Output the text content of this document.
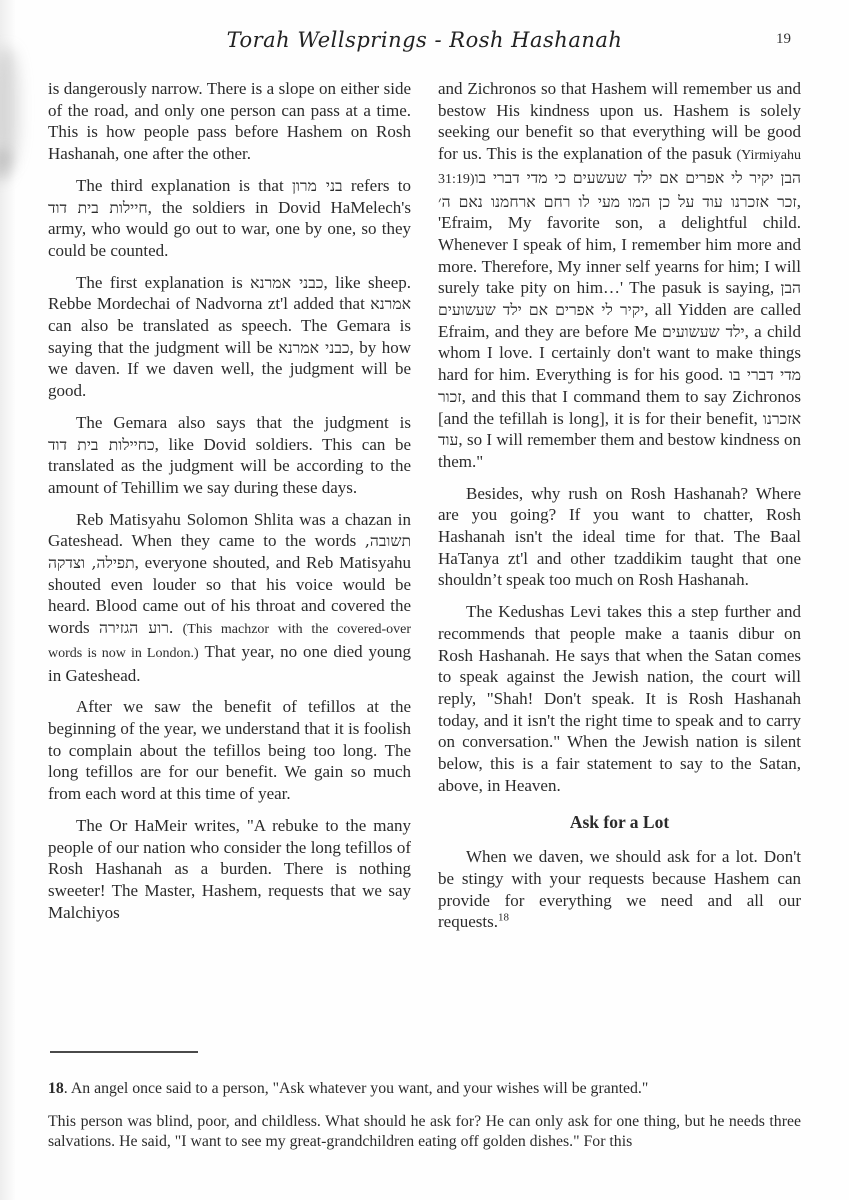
Torah Wellsprings - Rosh Hashanah	19

is dangerously narrow. There is a slope on either side of the road, and only one person can pass at a time. This is how people pass before Hashem on Rosh Hashanah, one after the other.

The third explanation is that בני מרון refers to חיילות בית דוד, the soldiers in Dovid HaMelech's army, who would go out to war, one by one, so they could be counted.

The first explanation is כבני אמרנא, like sheep. Rebbe Mordechai of Nadvorna zt'l added that אמרנא can also be translated as speech. The Gemara is saying that the judgment will be כבני אמרנא, by how we daven. If we daven well, the judgment will be good.

The Gemara also says that the judgment is כחיילות בית דוד, like Dovid soldiers. This can be translated as the judgment will be according to the amount of Tehillim we say during these days.

Reb Matisyahu Solomon Shlita was a chazan in Gateshead. When they came to the words תשובה, תפילה, וצדקה, everyone shouted, and Reb Matisyahu shouted even louder so that his voice would be heard. Blood came out of his throat and covered the words רוע הגזירה. (This machzor with the covered-over words is now in London.) That year, no one died young in Gateshead.

After we saw the benefit of tefillos at the beginning of the year, we understand that it is foolish to complain about the tefillos being too long. The long tefillos are for our benefit. We gain so much from each word at this time of year.

The Or HaMeir writes, "A rebuke to the many people of our nation who consider the long tefillos of Rosh Hashanah as a burden. There is nothing sweeter! The Master, Hashem, requests that we say Malchiyos

and Zichronos so that Hashem will remember us and bestow His kindness upon us. Hashem is solely seeking our benefit so that everything will be good for us. This is the explanation of the pasuk (Yirmiyahu 31:19)הבן יקיר לי אפרים אם ילד שעשעים כי מדי דברי בו זכר אזכרנו עוד על כן המו מעי לו רחם ארחמנו נאם ה׳, 'Efraim, My favorite son, a delightful child. Whenever I speak of him, I remember him more and more. Therefore, My inner self yearns for him; I will surely take pity on him…' The pasuk is saying, הבן יקיר לי אפרים אם ילד שעשועים, all Yidden are called Efraim, and they are before Me ילד שעשועים, a child whom I love. I certainly don't want to make things hard for him. Everything is for his good. מדי דברי בו זכור, and this that I command them to say Zichronos [and the tefillah is long], it is for their benefit, אזכרנו עוד, so I will remember them and bestow kindness on them."

Besides, why rush on Rosh Hashanah? Where are you going? If you want to chatter, Rosh Hashanah isn't the ideal time for that. The Baal HaTanya zt'l and other tzaddikim taught that one shouldn’t speak too much on Rosh Hashanah.

The Kedushas Levi takes this a step further and recommends that people make a taanis dibur on Rosh Hashanah. He says that when the Satan comes to speak against the Jewish nation, the court will reply, "Shah! Don't speak. It is Rosh Hashanah today, and it isn't the right time to speak and to carry on conversation." When the Jewish nation is silent below, this is a fair statement to say to the Satan, above, in Heaven.

Ask for a Lot

When we daven, we should ask for a lot. Don't be stingy with your requests because Hashem can provide for everything we need and all our requests.$^{18}$

18. An angel once said to a person, "Ask whatever you want, and your wishes will be granted."

This person was blind, poor, and childless. What should he ask for? He can only ask for one thing, but he needs three salvations. He said, "I want to see my great-grandchildren eating off golden dishes." For this
